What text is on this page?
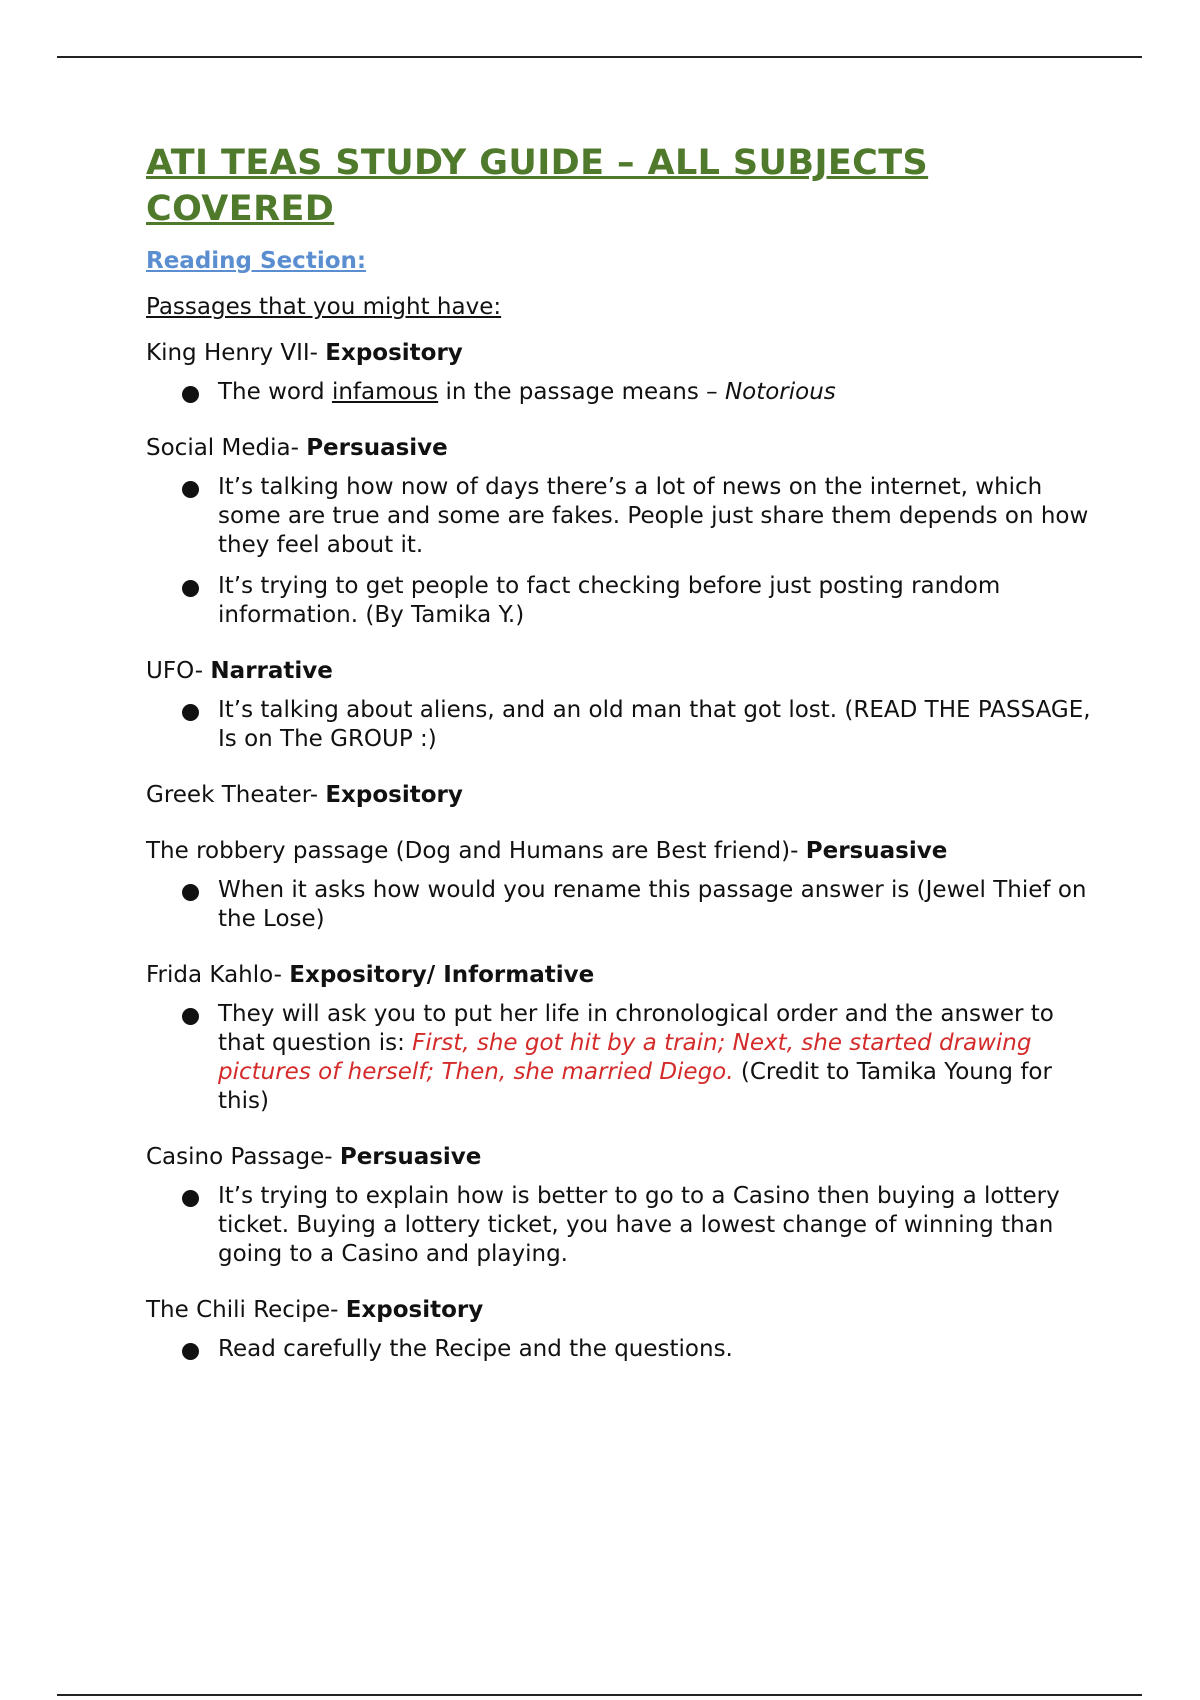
ATI TEAS STUDY GUIDE – ALL SUBJECTS COVERED
Reading Section:
Passages that you might have:
King Henry VII- Expository
The word infamous in the passage means – Notorious
Social Media- Persuasive
It’s talking how now of days there’s a lot of news on the internet, which some are true and some are fakes. People just share them depends on how they feel about it.
It’s trying to get people to fact checking before just posting random information. (By Tamika Y.)
UFO- Narrative
It’s talking about aliens, and an old man that got lost. (READ THE PASSAGE, Is on The GROUP :)
Greek Theater- Expository
The robbery passage (Dog and Humans are Best friend)- Persuasive
When it asks how would you rename this passage answer is (Jewel Thief on the Lose)
Frida Kahlo- Expository/ Informative
They will ask you to put her life in chronological order and the answer to that question is: First, she got hit by a train; Next, she started drawing pictures of herself; Then, she married Diego. (Credit to Tamika Young for this)
Casino Passage- Persuasive
It’s trying to explain how is better to go to a Casino then buying a lottery ticket. Buying a lottery ticket, you have a lowest change of winning than going to a Casino and playing.
The Chili Recipe- Expository
Read carefully the Recipe and the questions.
